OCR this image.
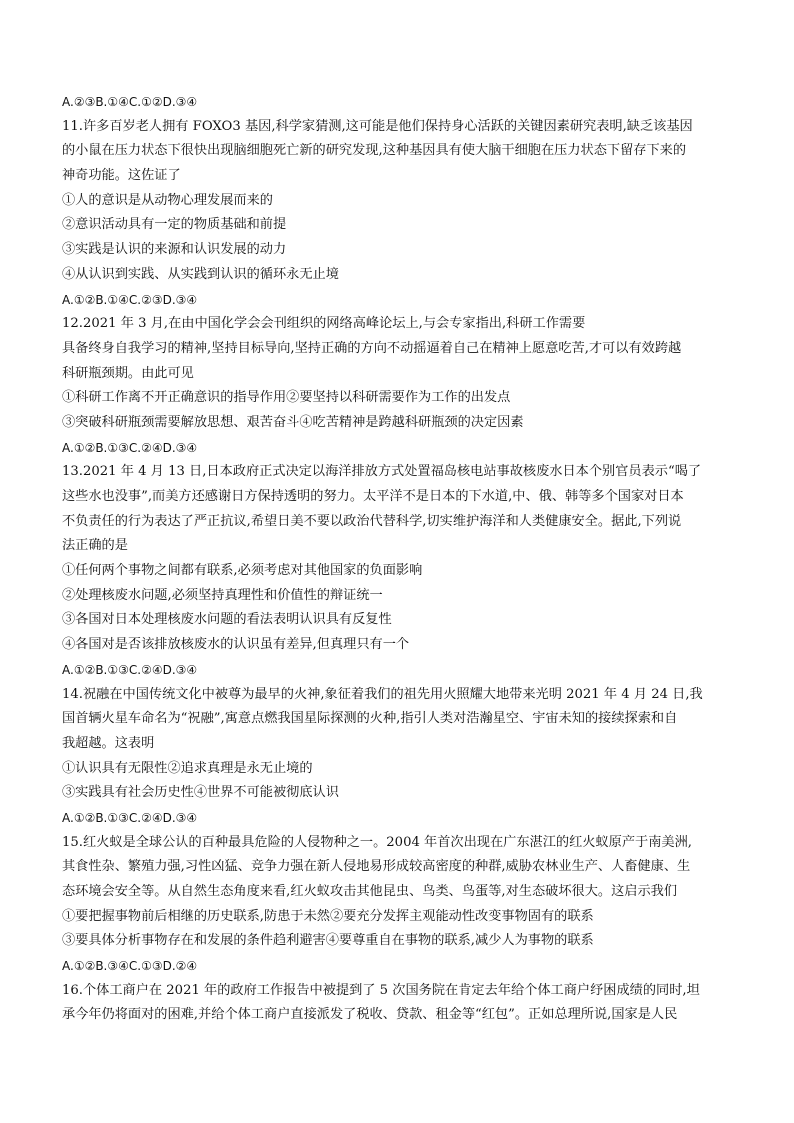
A.②③B.①④C.①②D.③④
11.许多百岁老人拥有 FOXO3 基因,科学家猜测,这可能是他们保持身心活跃的关键因素研究表明,缺乏该基因
的小鼠在压力状态下很快出现脑细胞死亡新的研究发现,这种基因具有使大脑干细胞在压力状态下留存下来的
神奇功能。这佐证了
①人的意识是从动物心理发展而来的
②意识活动具有一定的物质基础和前提
③实践是认识的来源和认识发展的动力
④从认识到实践、从实践到认识的循环永无止境
A.①②B.①④C.②③D.③④
12.2021 年 3 月,在由中国化学会会刊组织的网络高峰论坛上,与会专家指出,科研工作需要
具备终身自我学习的精神,坚持目标导向,坚持正确的方向不动摇逼着自己在精神上愿意吃苦,才可以有效跨越
科研瓶颈期。由此可见
①科研工作离不开正确意识的指导作用②要坚持以科研需要作为工作的出发点
③突破科研瓶颈需要解放思想、艰苦奋斗④吃苦精神是跨越科研瓶颈的决定因素
A.①②B.①③C.②④D.③④
13.2021 年 4 月 13 日,日本政府正式决定以海洋排放方式处置福岛核电站事故核废水日本个别官员表示“喝了
这些水也没事”,而美方还感谢日方保持透明的努力。太平洋不是日本的下水道,中、俄、韩等多个国家对日本
不负责任的行为表达了严正抗议,希望日美不要以政治代替科学,切实维护海洋和人类健康安全。据此,下列说
法正确的是
①任何两个事物之间都有联系,必须考虑对其他国家的负面影响
②处理核废水问题,必须坚持真理性和价值性的辩证统一
③各国对日本处理核废水问题的看法表明认识具有反复性
④各国对是否该排放核废水的认识虽有差异,但真理只有一个
A.①②B.①③C.②④D.③④
14.祝融在中国传统文化中被尊为最早的火神,象征着我们的祖先用火照耀大地带来光明 2021 年 4 月 24 日,我
国首辆火星车命名为“祝融”,寓意点燃我国星际探测的火种,指引人类对浩瀚星空、宇宙未知的接续探索和自
我超越。这表明
①认识具有无限性②追求真理是永无止境的
③实践具有社会历史性④世界不可能被彻底认识
A.①②B.①③C.②④D.③④
15.红火蚁是全球公认的百种最具危险的人侵物种之一。2004 年首次出现在广东湛江的红火蚁原产于南美洲,
其食性杂、繁殖力强,习性凶猛、竞争力强在新人侵地易形成较高密度的种群,威胁农林业生产、人畜健康、生
态环境会安全等。从自然生态角度来看,红火蚁攻击其他昆虫、鸟类、鸟蛋等,对生态破坏很大。这启示我们
①要把握事物前后相继的历史联系,防患于未然②要充分发挥主观能动性改变事物固有的联系
③要具体分析事物存在和发展的条件趋利避害④要尊重自在事物的联系,减少人为事物的联系
A.①②B.③④C.①③D.②④
16.个体工商户在 2021 年的政府工作报告中被提到了 5 次国务院在肯定去年给个体工商户纾困成绩的同时,坦
承今年仍将面对的困难,并给个体工商户直接派发了税收、贷款、租金等“红包”。正如总理所说,国家是人民
